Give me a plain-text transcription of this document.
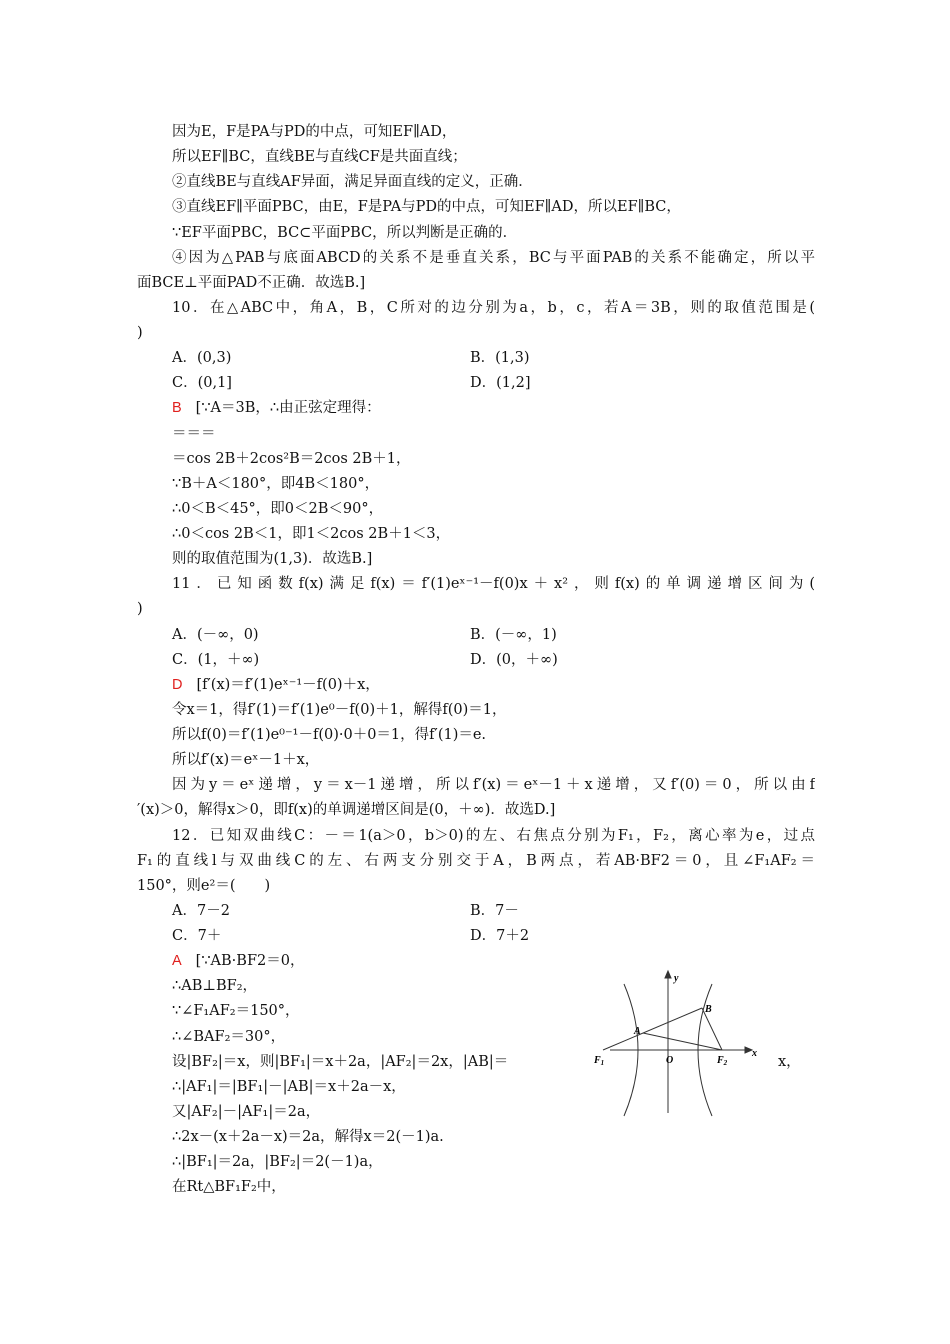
因为E，F是PA与PD的中点，可知EF∥AD，
所以EF∥BC，直线BE与直线CF是共面直线；
②直线BE与直线AF异面，满足异面直线的定义，正确．
③直线EF∥平面PBC，由E，F是PA与PD的中点，可知EF∥AD，所以EF∥BC，
∵EF平面PBC，BC⊂平面PBC，所以判断是正确的．
④因为△PAB与底面ABCD的关系不是垂直关系，BC与平面PAB的关系不能确定，所以平
面BCE⊥平面PAD不正确．故选B.]
10．在△ABC中，角A，B，C所对的边分别为a，b，c，若A＝3B，则的取值范围是(
)
A．(0,3)	B．(1,3)
C．(0,1]	D．(1,2]
B [∵A＝3B，∴由正弦定理得：
＝＝＝
＝cos 2B＋2cos²B＝2cos 2B＋1，
∵B＋A＜180°，即4B＜180°，
∴0＜B＜45°，即0＜2B＜90°，
∴0＜cos 2B＜1，即1＜2cos 2B＋1＜3，
则的取值范围为(1,3)．故选B.]
11．已知函数f(x)满足f(x)＝f′(1)eˣ⁻¹－f(0)x＋x²，则f(x)的单调递增区间为(
)
A．(－∞，0)	B．(－∞，1)
C．(1，＋∞)	D．(0，＋∞)
D [f′(x)＝f′(1)eˣ⁻¹－f(0)＋x，
令x＝1，得f′(1)＝f′(1)e⁰－f(0)＋1，解得f(0)＝1，
所以f(0)＝f′(1)e⁰⁻¹－f(0)·0＋0＝1，得f′(1)＝e.
所以f′(x)＝eˣ－1＋x，
因为y＝eˣ递增，y＝x－1递增，所以f′(x)＝eˣ－1＋x递增，又f′(0)＝0，所以由f
′(x)＞0，解得x＞0，即f(x)的单调递增区间是(0，＋∞)．故选D.]
12．已知双曲线C：－＝1(a＞0，b＞0)的左、右焦点分别为F₁，F₂，离心率为e，过点
F₁的直线l与双曲线C的左、右两支分别交于A，B两点，若AB·BF2＝0，且∠F₁AF₂＝
150°，则e²＝(　　)
A．7－2	B．7－
C．7＋	D．7＋2
A [∵AB·BF2＝0，
∴AB⊥BF₂，
∵∠F₁AF₂＝150°，
∴∠BAF₂＝30°，
设|BF₂|＝x，则|BF₁|＝x＋2a，|AF₂|＝2x，|AB|＝	x，
∴|AF₁|＝|BF₁|－|AB|＝x＋2a－x，
又|AF₂|－|AF₁|＝2a，
∴2x－(x＋2a－x)＝2a，解得x＝2(－1)a.
∴|BF₁|＝2a，|BF₂|＝2(－1)a，
在Rt△BF₁F₂中，
y
x
O
A
B
$F_1$	$F_2$
